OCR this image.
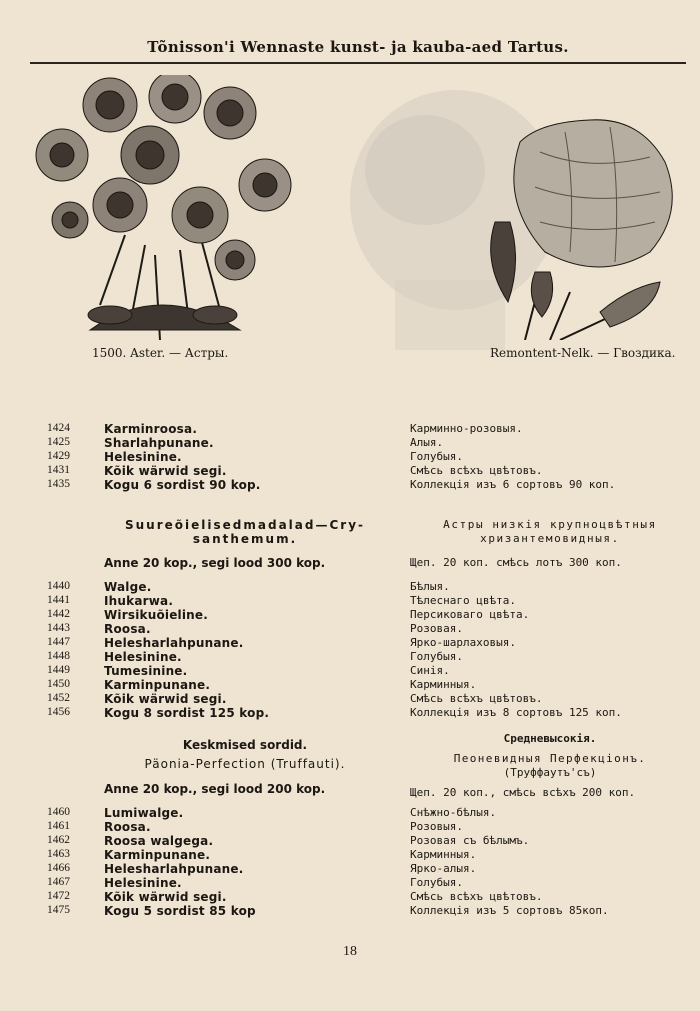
Tõnisson'i Wennaste kunst- ja kauba-aed Tartus.
1500. Aster. — Астры.	Remontent-Nelk. — Гвоздика.
1424	Karminroosa.	Карминно-розовыя.
1425	Sharlahpunane.	Алыя.
1429	Helesinine.	Голубыя.
1431	Kõik wärwid segi.	Смѣсь всѣхъ цвѣтовъ.
1435	Kogu 6 sordist 90 kop.	Коллекція изъ 6 сортовъ 90 коп.
Suureõielisedmadalad—Cry-
santhemum.
Астры низкія крупноцвѣтныя
хризантемовидныя.
Anne 20 kop., segi lood 300 kop.	Щеп. 20 коп. смѣсь лотъ 300 коп.
1440	Walge.	Бѣлыя.
1441	Ihukarwa.	Тѣлеснаго цвѣта.
1442	Wirsikuõieline.	Персиковаго цвѣта.
1443	Roosa.	Розовая.
1447	Helesharlahpunane.	Ярко-шарлаховыя.
1448	Helesinine.	Голубыя.
1449	Tumesinine.	Синія.
1450	Karminpunane.	Карминныя.
1452	Kõik wärwid segi.	Смѣсь всѣхъ цвѣтовъ.
1456	Kogu 8 sordist 125 kop.	Коллекція изъ 8 сортовъ 125 коп.
Средневысокія.
Keskmised sordid.
Пеоневидныя Перфекціонъ.
Päonia-Perfection (Truffauti).
(Труффаутъ'съ)
Anne 20 kop., segi lood 200 kop.	Щеп. 20 коп., смѣсь всѣхъ 200 коп.
1460	Lumiwalge.	Снѣжно-бѣлыя.
1461	Roosa.	Розовыя.
1462	Roosa walgega.	Розовая съ бѣлымъ.
1463	Karminpunane.	Карминныя.
1466	Helesharlahpunane.	Ярко-алыя.
1467	Helesinine.	Голубыя.
1472	Kõik wärwid segi.	Смѣсь всѣхъ цвѣтовъ.
1475	Kogu 5 sordist 85 kop	Коллекція изъ 5 сортовъ 85коп.
18
